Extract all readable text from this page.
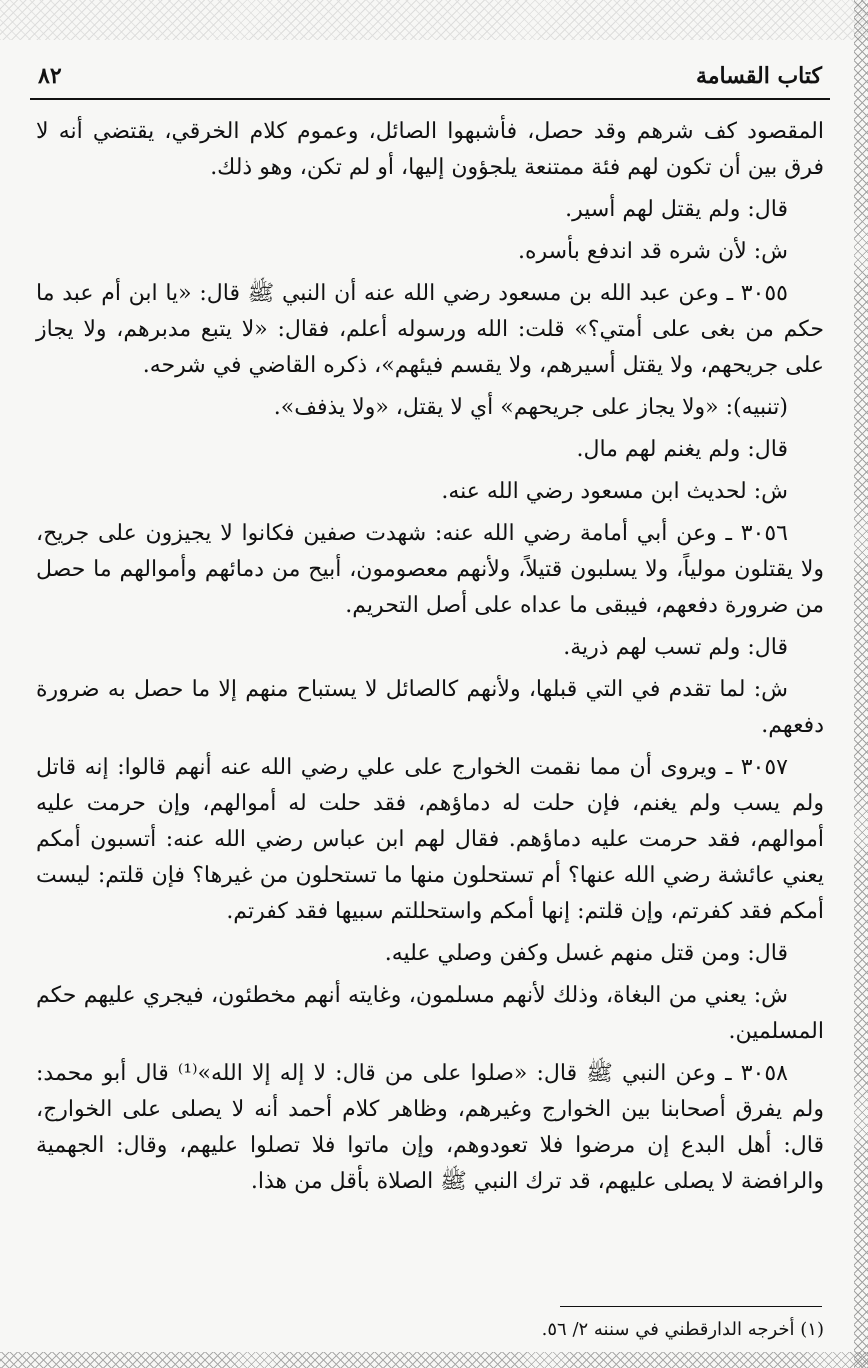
كتاب القسامة
٨٢

المقصود كف شرهم وقد حصل، فأشبهوا الصائل، وعموم كلام الخرقي، يقتضي أنه لا فرق بين أن تكون لهم فئة ممتنعة يلجؤون إليها، أو لم تكن، وهو ذلك.

قال: ولم يقتل لهم أسير.

ش: لأن شره قد اندفع بأسره.

٣٠٥٥ ـ وعن عبد الله بن مسعود رضي الله عنه أن النبي ﷺ قال: «يا ابن أم عبد ما حكم من بغى على أمتي؟» قلت: الله ورسوله أعلم، فقال: «لا يتبع مدبرهم، ولا يجاز على جريحهم، ولا يقتل أسيرهم، ولا يقسم فيئهم»، ذكره القاضي في شرحه.

(تنبيه): «ولا يجاز على جريحهم» أي لا يقتل، «ولا يذفف».

قال: ولم يغنم لهم مال.

ش: لحديث ابن مسعود رضي الله عنه.

٣٠٥٦ ـ وعن أبي أمامة رضي الله عنه: شهدت صفين فكانوا لا يجيزون على جريح، ولا يقتلون مولياً، ولا يسلبون قتيلاً، ولأنهم معصومون، أبيح من دمائهم وأموالهم ما حصل من ضرورة دفعهم، فيبقى ما عداه على أصل التحريم.

قال: ولم تسب لهم ذرية.

ش: لما تقدم في التي قبلها، ولأنهم كالصائل لا يستباح منهم إلا ما حصل به ضرورة دفعهم.

٣٠٥٧ ـ ويروى أن مما نقمت الخوارج على علي رضي الله عنه أنهم قالوا: إنه قاتل ولم يسب ولم يغنم، فإن حلت له دماؤهم، فقد حلت له أموالهم، وإن حرمت عليه أموالهم، فقد حرمت عليه دماؤهم. فقال لهم ابن عباس رضي الله عنه: أتسبون أمكم يعني عائشة رضي الله عنها؟ أم تستحلون منها ما تستحلون من غيرها؟ فإن قلتم: ليست أمكم فقد كفرتم، وإن قلتم: إنها أمكم واستحللتم سبيها فقد كفرتم.

قال: ومن قتل منهم غسل وكفن وصلي عليه.

ش: يعني من البغاة، وذلك لأنهم مسلمون، وغايته أنهم مخطئون، فيجري عليهم حكم المسلمين.

٣٠٥٨ ـ وعن النبي ﷺ قال: «صلوا على من قال: لا إله إلا الله»⁽¹⁾ قال أبو محمد: ولم يفرق أصحابنا بين الخوارج وغيرهم، وظاهر كلام أحمد أنه لا يصلى على الخوارج، قال: أهل البدع إن مرضوا فلا تعودوهم، وإن ماتوا فلا تصلوا عليهم، وقال: الجهمية والرافضة لا يصلى عليهم، قد ترك النبي ﷺ الصلاة بأقل من هذا.

(١) أخرجه الدارقطني في سننه ٢/ ٥٦.
